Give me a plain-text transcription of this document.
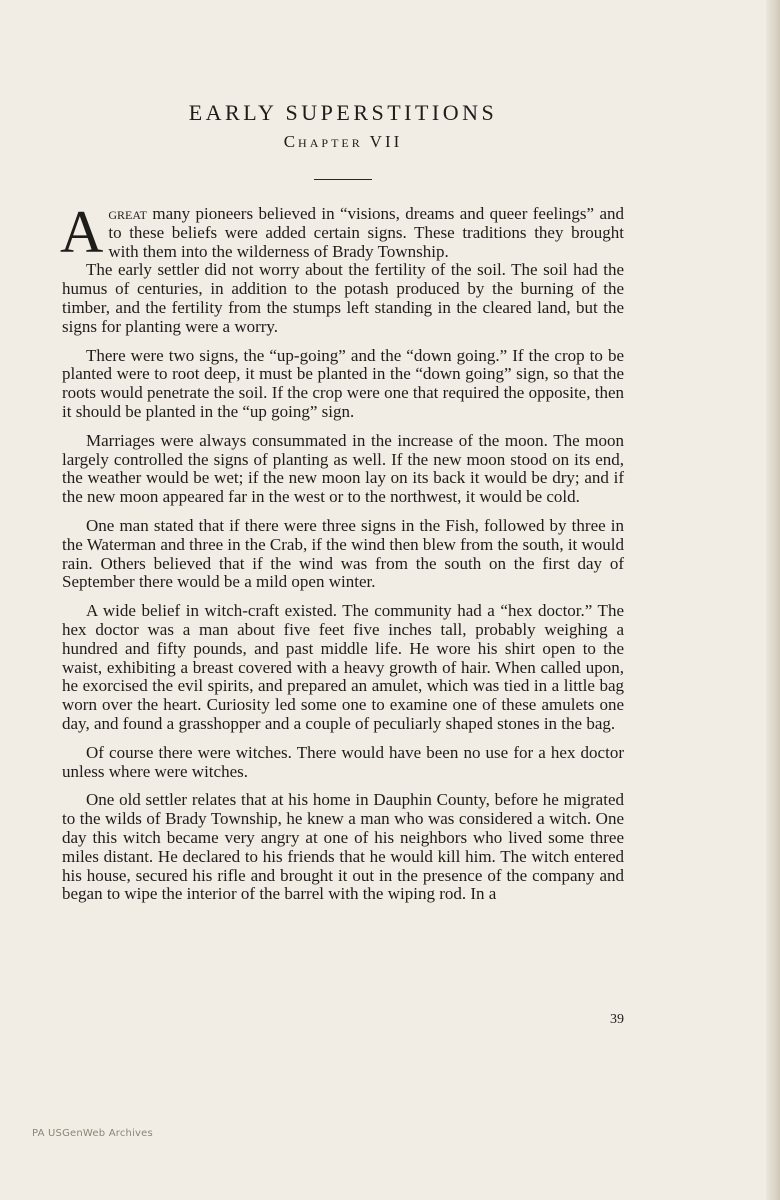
EARLY SUPERSTITIONS
Chapter VII

Agreat many pioneers believed in “visions, dreams and queer feelings” and to these beliefs were added certain signs. These traditions they brought with them into the wilderness of Brady Township.

The early settler did not worry about the fertility of the soil. The soil had the humus of centuries, in addition to the potash produced by the burning of the timber, and the fertility from the stumps left standing in the cleared land, but the signs for planting were a worry.

There were two signs, the “up-going” and the “down going.” If the crop to be planted were to root deep, it must be planted in the “down going” sign, so that the roots would penetrate the soil. If the crop were one that required the opposite, then it should be planted in the “up going” sign.

Marriages were always consummated in the increase of the moon. The moon largely controlled the signs of planting as well. If the new moon stood on its end, the weather would be wet; if the new moon lay on its back it would be dry; and if the new moon appeared far in the west or to the northwest, it would be cold.

One man stated that if there were three signs in the Fish, followed by three in the Waterman and three in the Crab, if the wind then blew from the south, it would rain. Others believed that if the wind was from the south on the first day of September there would be a mild open winter.

A wide belief in witch-craft existed. The community had a “hex doctor.” The hex doctor was a man about five feet five inches tall, probably weighing a hundred and fifty pounds, and past middle life. He wore his shirt open to the waist, exhibiting a breast covered with a heavy growth of hair. When called upon, he exorcised the evil spirits, and prepared an amulet, which was tied in a little bag worn over the heart. Curiosity led some one to examine one of these amulets one day, and found a grasshopper and a couple of peculiarly shaped stones in the bag.

Of course there were witches. There would have been no use for a hex doctor unless where were witches.

One old settler relates that at his home in Dauphin County, before he migrated to the wilds of Brady Township, he knew a man who was considered a witch. One day this witch became very angry at one of his neighbors who lived some three miles distant. He declared to his friends that he would kill him. The witch entered his house, secured his rifle and brought it out in the presence of the company and began to wipe the interior of the barrel with the wiping rod. In a

39
PA USGenWeb Archives
